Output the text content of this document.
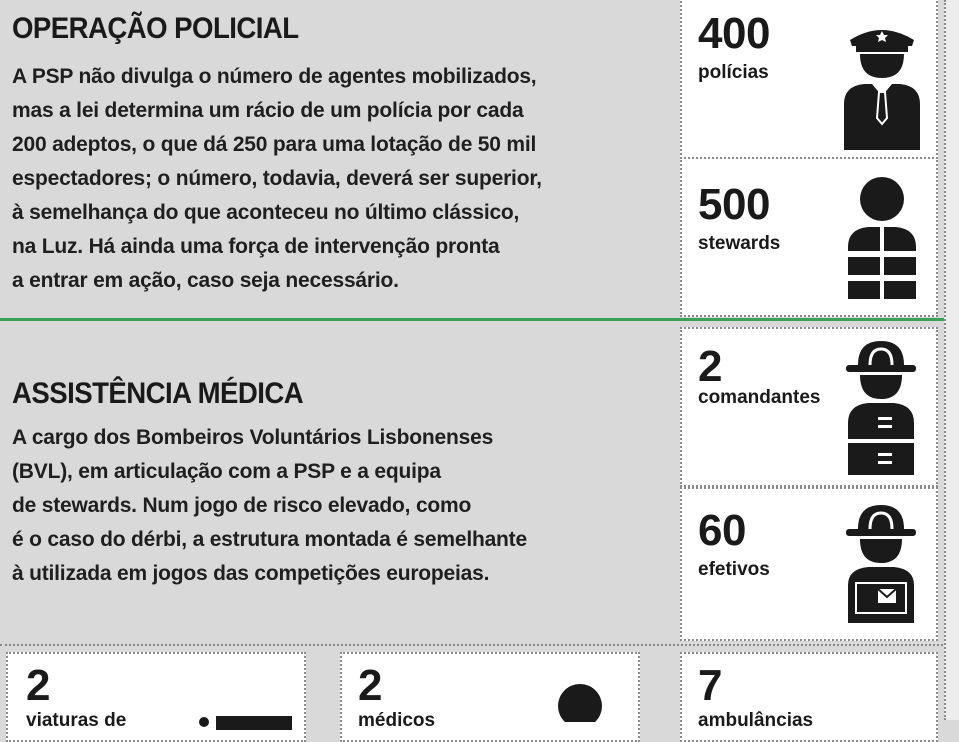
OPERAÇÃO POLICIAL

A PSP não divulga o número de agentes mobilizados,
mas a lei determina um rácio de um polícia por cada
200 adeptos, o que dá 250 para uma lotação de 50 mil
espectadores; o número, todavia, deverá ser superior,
à semelhança do que aconteceu no último clássico,
na Luz. Há ainda uma força de intervenção pronta
a entrar em ação, caso seja necessário.

400
polícias
500
stewards
ASSISTÊNCIA MÉDICA

A cargo dos Bombeiros Voluntários Lisbonenses
(BVL), em articulação com a PSP e a equipa
de stewards. Num jogo de risco elevado, como
é o caso do dérbi, a estrutura montada é semelhante
à utilizada em jogos das competições europeias.

2
comandantes
60
efetivos
2
viaturas de
2
médicos
7
ambulâncias
